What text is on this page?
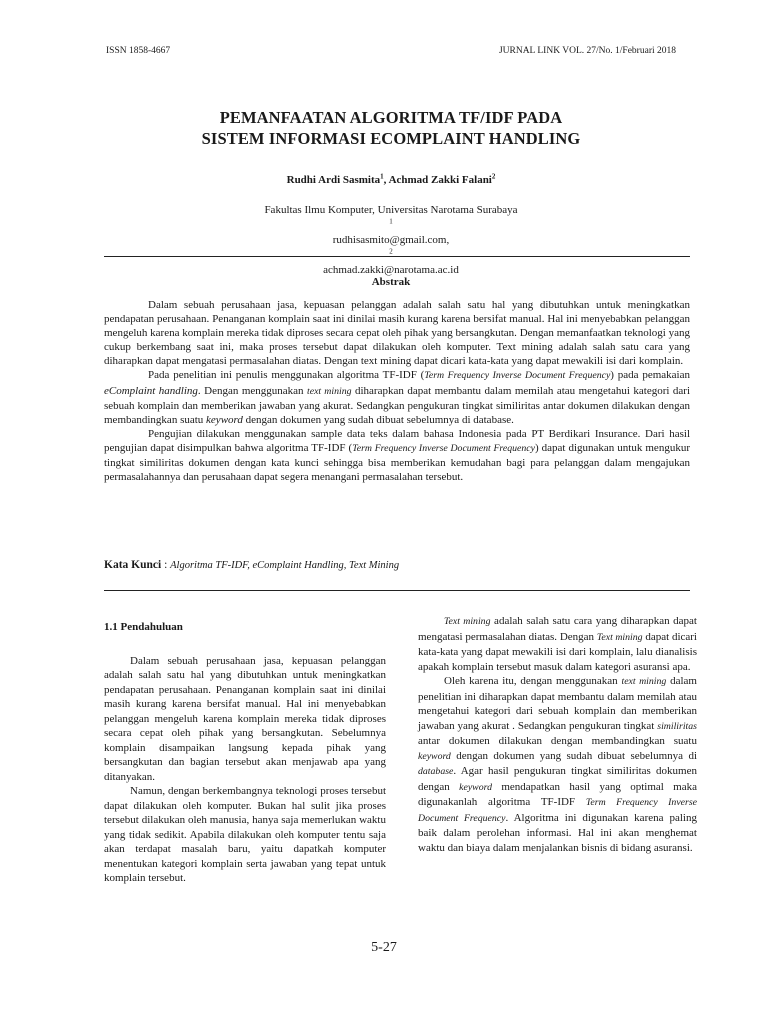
ISSN 1858-4667	JURNAL LINK VOL. 27/No. 1/Februari 2018
PEMANFAATAN ALGORITMA TF/IDF PADA
SISTEM INFORMASI ECOMPLAINT HANDLING
Rudhi Ardi Sasmita$^1$, Achmad Zakki Falani$^2$
Fakultas Ilmu Komputer, Universitas Narotama Surabaya
$^1$
rudhisasmito@gmail.com,
$^2$
achmad.zakki@narotama.ac.id
Abstrak

Dalam sebuah perusahaan jasa, kepuasan pelanggan adalah salah satu hal yang dibutuhkan untuk meningkatkan pendapatan perusahaan. Penanganan komplain saat ini dinilai masih kurang karena bersifat manual. Hal ini menyebabkan pelanggan mengeluh karena komplain mereka tidak diproses secara cepat oleh pihak yang bersangkutan. Dengan memanfaatkan teknologi yang cukup berkembang saat ini, maka proses tersebut dapat dilakukan oleh komputer. Text mining adalah salah satu cara yang diharapkan dapat mengatasi permasalahan diatas. Dengan text mining dapat dicari kata-kata yang dapat mewakili isi dari komplain.

Pada penelitian ini penulis menggunakan algoritma TF-IDF (Term Frequency Inverse Document Frequency) pada pemakaian eComplaint handling. Dengan menggunakan text mining diharapkan dapat membantu dalam memilah atau mengetahui kategori dari sebuah komplain dan memberikan jawaban yang akurat. Sedangkan pengukuran tingkat similiritas antar dokumen dilakukan dengan membandingkan suatu keyword dengan dokumen yang sudah dibuat sebelumnya di database.

Pengujian dilakukan menggunakan sample data teks dalam bahasa Indonesia pada PT Berdikari Insurance. Dari hasil pengujian dapat disimpulkan bahwa algoritma TF-IDF (Term Frequency Inverse Document Frequency) dapat digunakan untuk mengukur tingkat similiritas dokumen dengan kata kunci sehingga bisa memberikan kemudahan bagi para pelanggan dalam mengajukan permasalahannya dan perusahaan dapat segera menangani permasalahan tersebut.

Kata Kunci : Algoritma TF-IDF, eComplaint Handling, Text Mining
1.1 Pendahuluan

Dalam sebuah perusahaan jasa, kepuasan pelanggan adalah salah satu hal yang dibutuhkan untuk meningkatkan pendapatan perusahaan. Penanganan komplain saat ini dinilai masih kurang karena bersifat manual. Hal ini menyebabkan pelanggan mengeluh karena komplain mereka tidak diproses secara cepat oleh pihak yang bersangkutan. Sebelumnya komplain disampaikan langsung kepada pihak yang bersangkutan dan bagian tersebut akan menjawab apa yang ditanyakan.

Namun, dengan berkembangnya teknologi proses tersebut dapat dilakukan oleh komputer. Bukan hal sulit jika proses tersebut dilakukan oleh manusia, hanya saja memerlukan waktu yang tidak sedikit. Apabila dilakukan oleh komputer tentu saja akan terdapat masalah baru, yaitu dapatkah komputer menentukan kategori komplain serta jawaban yang tepat untuk komplain tersebut.

Text mining adalah salah satu cara yang diharapkan dapat mengatasi permasalahan diatas. Dengan Text mining dapat dicari kata-kata yang dapat mewakili isi dari komplain, lalu dianalisis apakah komplain tersebut masuk dalam kategori asuransi apa.

Oleh karena itu, dengan menggunakan text mining dalam penelitian ini diharapkan dapat membantu dalam memilah atau mengetahui kategori dari sebuah komplain dan memberikan jawaban yang akurat . Sedangkan pengukuran tingkat similiritas antar dokumen dilakukan dengan membandingkan suatu keyword dengan dokumen yang sudah dibuat sebelumnya di database. Agar hasil pengukuran tingkat similiritas dokumen dengan keyword mendapatkan hasil yang optimal maka digunakanlah algoritma TF-IDF Term Frequency Inverse Document Frequency. Algoritma ini digunakan karena paling baik dalam perolehan informasi. Hal ini akan menghemat waktu dan biaya dalam menjalankan bisnis di bidang asuransi.

5-27
